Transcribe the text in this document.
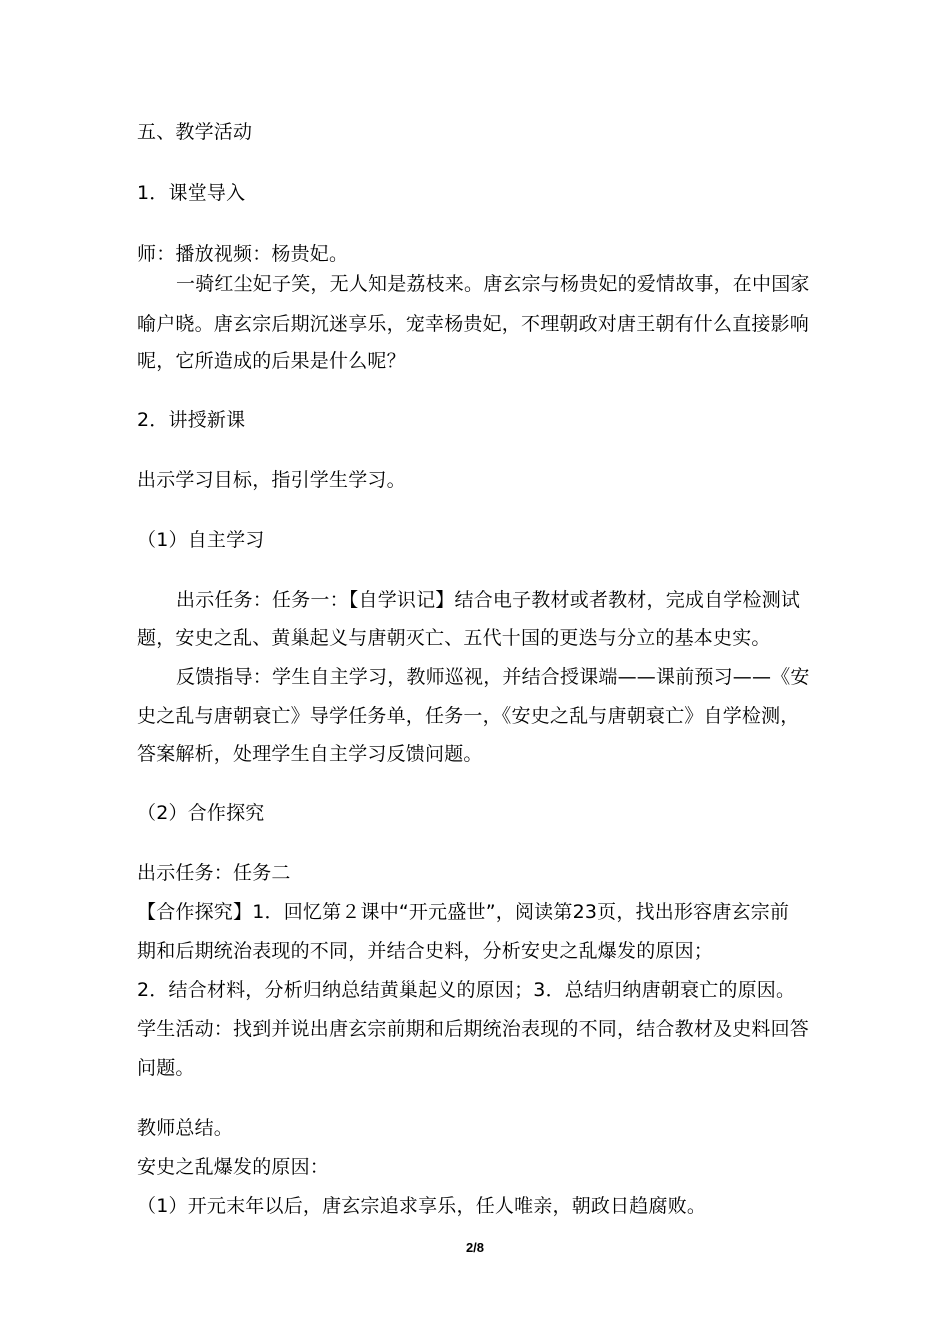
五、教学活动
1．课堂导入
师：播放视频：杨贵妃。
一骑红尘妃子笑，无人知是荔枝来。唐玄宗与杨贵妃的爱情故事，在中国家
喻户晓。唐玄宗后期沉迷享乐，宠幸杨贵妃，不理朝政对唐王朝有什么直接影响
呢，它所造成的后果是什么呢？
2．讲授新课
出示学习目标，指引学生学习。
（1）自主学习
出示任务：任务一：【自学识记】结合电子教材或者教材，完成自学检测试
题，安史之乱、黄巢起义与唐朝灭亡、五代十国的更迭与分立的基本史实。
反馈指导：学生自主学习，教师巡视，并结合授课端——课前预习——《安
史之乱与唐朝衰亡》导学任务单，任务一，《安史之乱与唐朝衰亡》自学检测，
答案解析，处理学生自主学习反馈问题。
（2）合作探究
出示任务：任务二
【合作探究】1．回忆第２课中“开元盛世”，阅读第23页，找出形容唐玄宗前
期和后期统治表现的不同，并结合史料，分析安史之乱爆发的原因；
2．结合材料，分析归纳总结黄巢起义的原因；3．总结归纳唐朝衰亡的原因。
学生活动：找到并说出唐玄宗前期和后期统治表现的不同，结合教材及史料回答
问题。
教师总结。
安史之乱爆发的原因：
（1）开元末年以后，唐玄宗追求享乐，任人唯亲，朝政日趋腐败。
2/8
